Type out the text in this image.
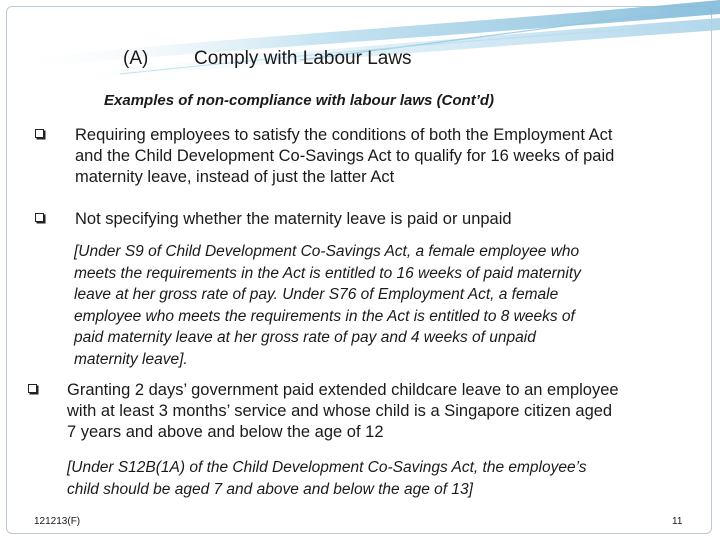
(A) Comply with Labour Laws
Examples of non-compliance with labour laws (Cont’d)
Requiring employees to satisfy the conditions of both the Employment Act
and the Child Development Co-Savings Act to qualify for 16 weeks of paid
maternity leave, instead of just the latter Act
Not specifying whether the maternity leave is paid or unpaid
[Under S9 of Child Development Co-Savings Act, a female employee who
meets the requirements in the Act is entitled to 16 weeks of paid maternity
leave at her gross rate of pay. Under S76 of Employment Act, a female
employee who meets the requirements in the Act is entitled to 8 weeks of
paid maternity leave at her gross rate of pay and 4 weeks of unpaid
maternity leave].
Granting 2 days’ government paid extended childcare leave to an employee
with at least 3 months’ service and whose child is a Singapore citizen aged
7 years and above and below the age of 12
[Under S12B(1A) of the Child Development Co-Savings Act, the employee’s
child should be aged 7 and above and below the age of 13]
121213(F)	11
